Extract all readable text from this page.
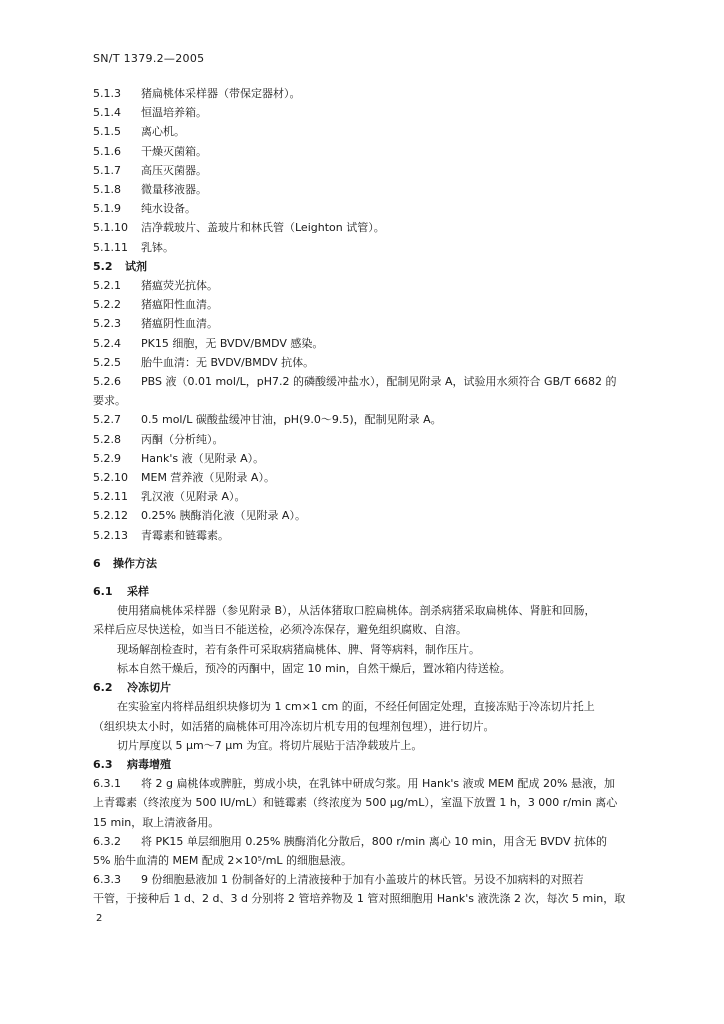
SN/T 1379.2—2005
5.1.3	猪扁桃体采样器（带保定器材）。
5.1.4	恒温培养箱。
5.1.5	离心机。
5.1.6	干燥灭菌箱。
5.1.7	高压灭菌器。
5.1.8	微量移液器。
5.1.9	纯水设备。
5.1.10	洁净载玻片、盖玻片和林氏管（Leighton 试管）。
5.1.11	乳钵。
5.2	试剂
5.2.1	猪瘟荧光抗体。
5.2.2	猪瘟阳性血清。
5.2.3	猪瘟阴性血清。
5.2.4	PK15 细胞，无 BVDV/BMDV 感染。
5.2.5	胎牛血清：无 BVDV/BMDV 抗体。
5.2.6	PBS 液（0.01 mol/L，pH7.2 的磷酸缓冲盐水），配制见附录 A，试验用水须符合 GB/T 6682 的
要求。
5.2.7	0.5 mol/L 碳酸盐缓冲甘油，pH(9.0～9.5)，配制见附录 A。
5.2.8	丙酮（分析纯）。
5.2.9	Hank's 液（见附录 A）。
5.2.10	MEM 营养液（见附录 A）。
5.2.11	乳汉液（见附录 A）。
5.2.12	0.25% 胰酶消化液（见附录 A）。
5.2.13	青霉素和链霉素。
6	操作方法
6.1	采样
使用猪扁桃体采样器（参见附录 B），从活体猪取口腔扁桃体。剖杀病猪采取扁桃体、肾脏和回肠，
采样后应尽快送检，如当日不能送检，必须冷冻保存，避免组织腐败、自溶。
现场解剖检查时，若有条件可采取病猪扁桃体、脾、肾等病料，制作压片。
标本自然干燥后，预冷的丙酮中，固定 10 min，自然干燥后，置冰箱内待送检。
6.2	冷冻切片
在实验室内将样品组织块修切为 1 cm×1 cm 的面，不经任何固定处理，直接冻贴于冷冻切片托上
（组织块太小时，如活猪的扁桃体可用冷冻切片机专用的包埋剂包埋），进行切片。
切片厚度以 5 μm～7 μm 为宜。将切片展贴于洁净载玻片上。
6.3	病毒增殖
6.3.1	将 2 g 扁桃体或脾脏，剪成小块，在乳钵中研成匀浆。用 Hank's 液或 MEM 配成 20% 悬液，加
上青霉素（终浓度为 500 IU/mL）和链霉素（终浓度为 500 μg/mL），室温下放置 1 h，3 000 r/min 离心
15 min，取上清液备用。
6.3.2	将 PK15 单层细胞用 0.25% 胰酶消化分散后，800 r/min 离心 10 min，用含无 BVDV 抗体的
5% 胎牛血清的 MEM 配成 2×10⁵/mL 的细胞悬液。
6.3.3	9 份细胞悬液加 1 份制备好的上清液接种于加有小盖玻片的林氏管。另设不加病料的对照若
干管，于接种后 1 d、2 d、3 d 分别将 2 管培养物及 1 管对照细胞用 Hank's 液洗涤 2 次，每次 5 min，取
2
